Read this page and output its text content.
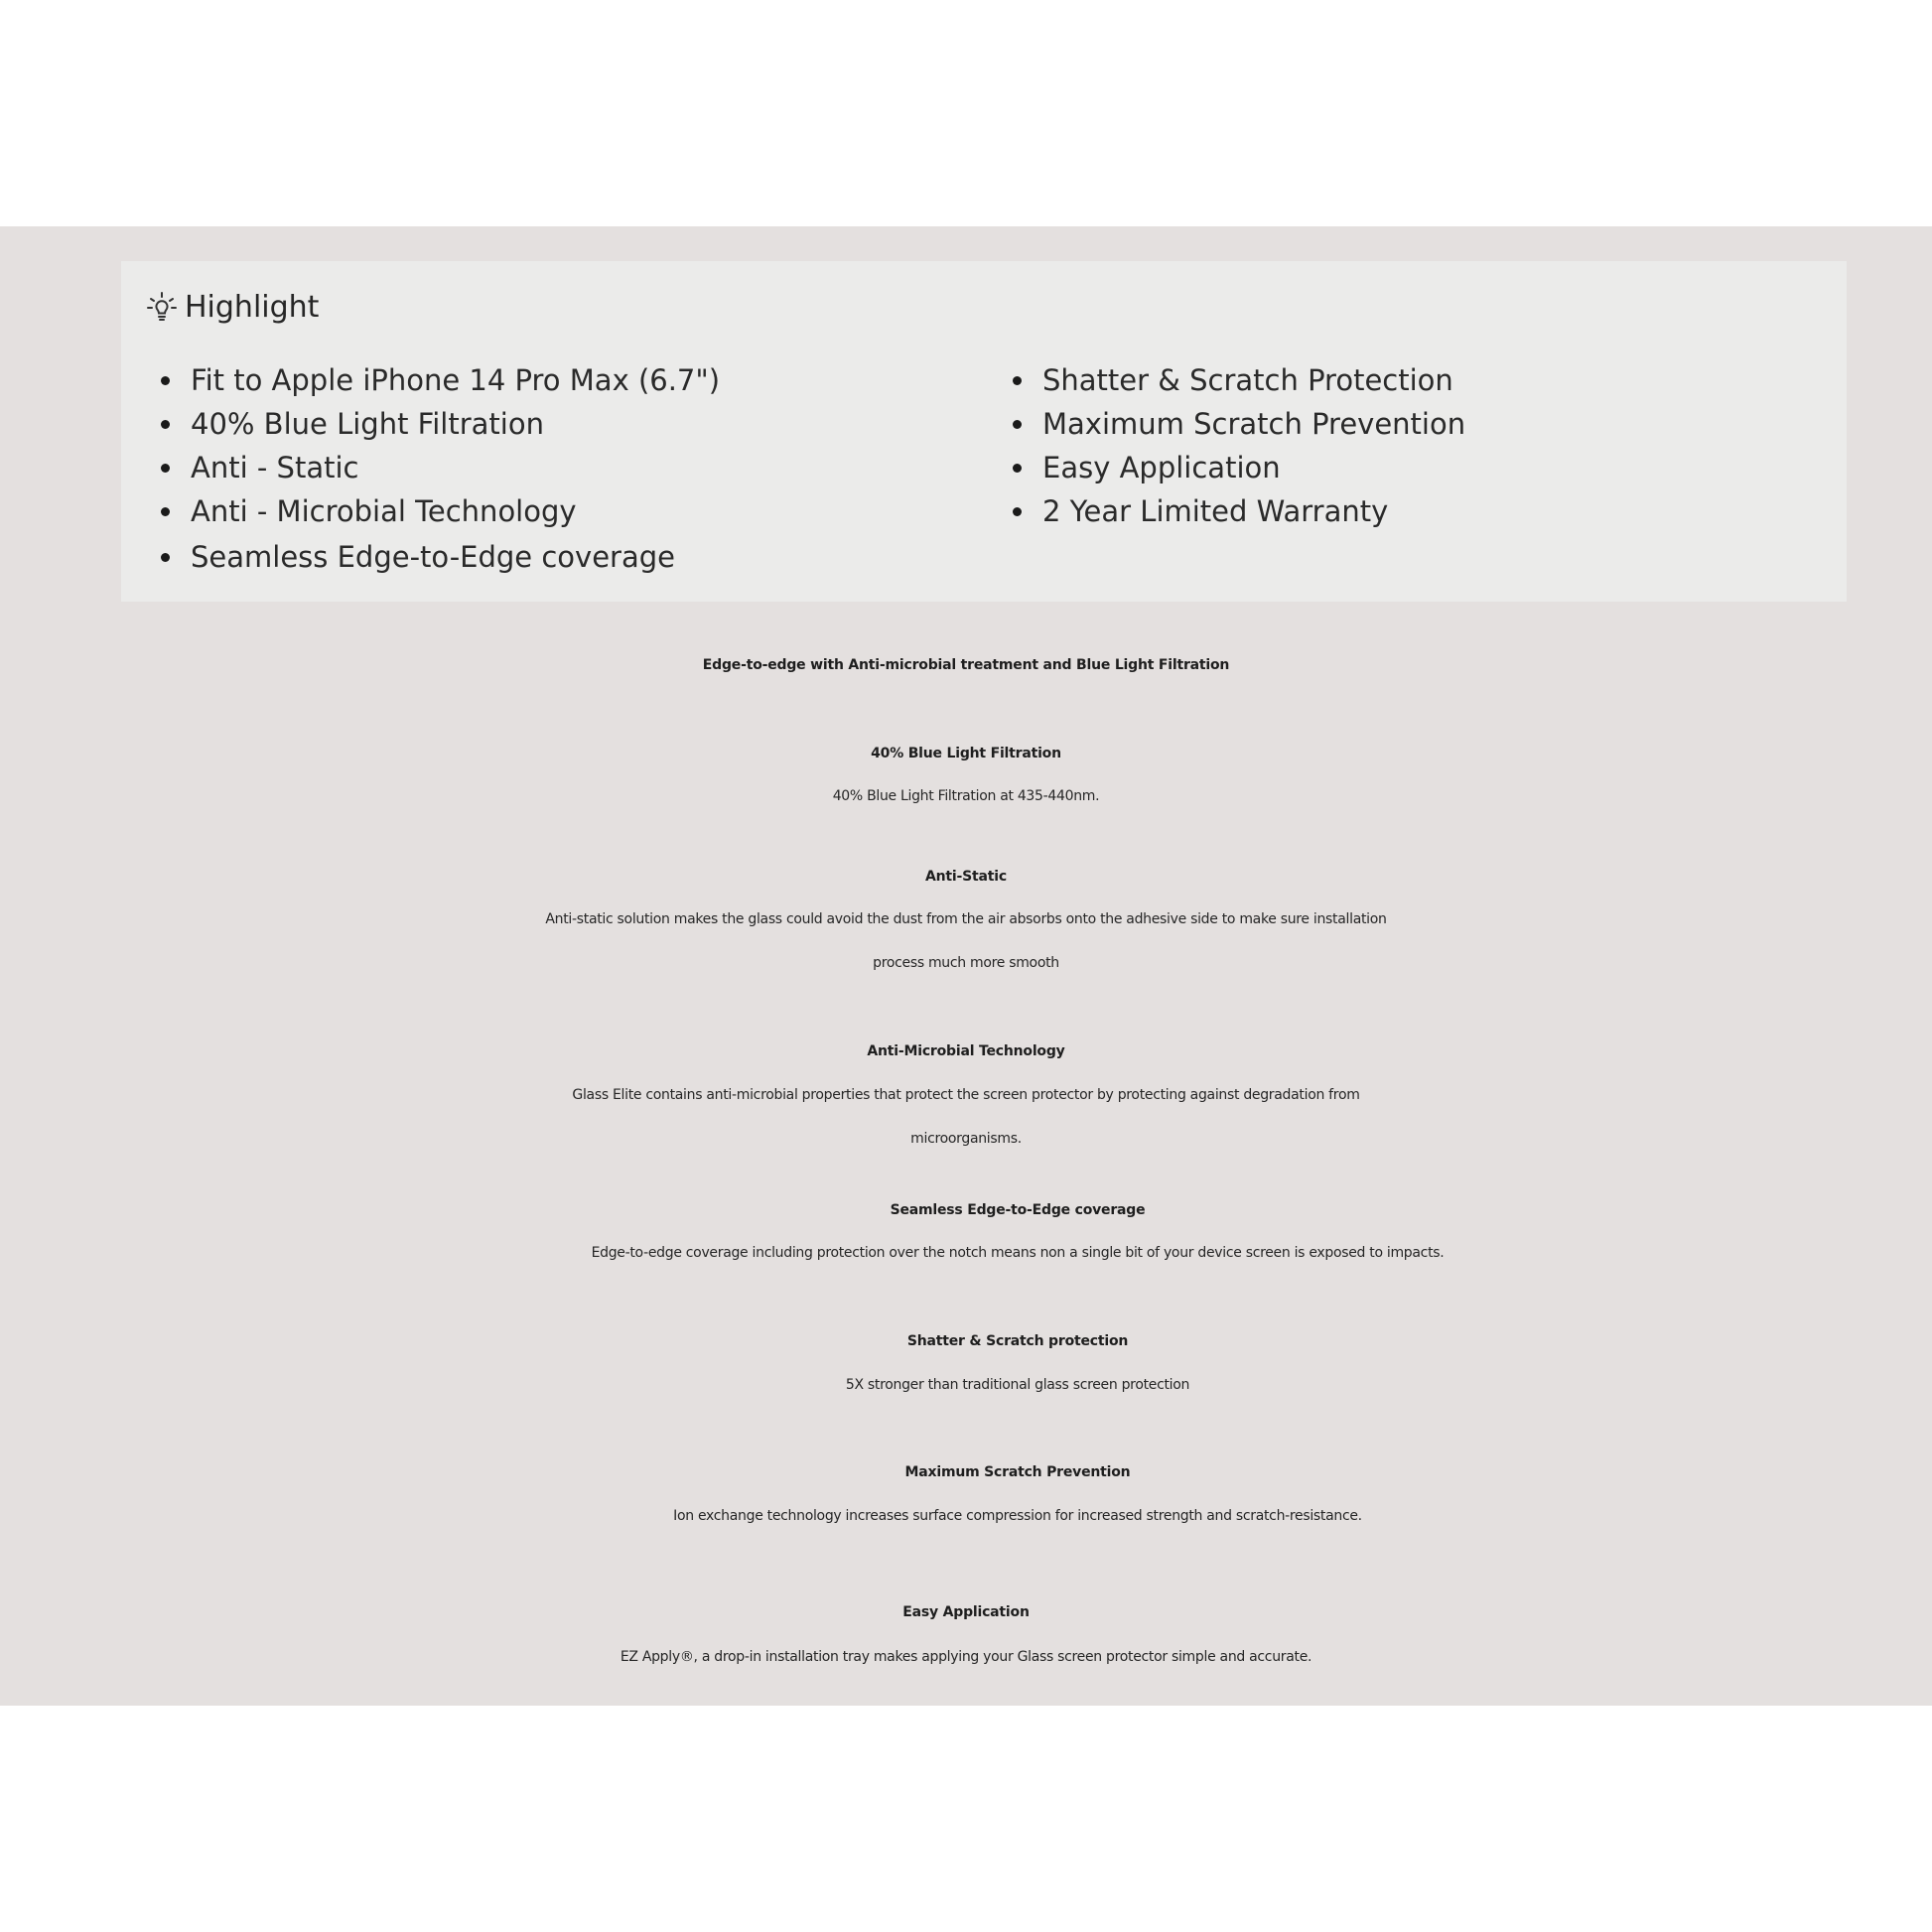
Highlight
Fit to Apple iPhone 14 Pro Max (6.7")
40% Blue Light Filtration
Anti - Static
Anti - Microbial Technology
Seamless Edge-to-Edge coverage
Shatter & Scratch Protection
Maximum Scratch Prevention
Easy Application
2 Year Limited Warranty
Edge-to-edge with Anti-microbial treatment and Blue Light Filtration
40% Blue Light Filtration
40% Blue Light Filtration at 435-440nm.
Anti-Static
Anti-static solution makes the glass could avoid the dust from the air absorbs onto the adhesive side to make sure installation
process much more smooth
Anti-Microbial Technology
Glass Elite contains anti-microbial properties that protect the screen protector by protecting against degradation from
microorganisms.
Seamless Edge-to-Edge coverage
Edge-to-edge coverage including protection over the notch means non a single bit of your device screen is exposed to impacts.
Shatter & Scratch protection
5X stronger than traditional glass screen protection
Maximum Scratch Prevention
Ion exchange technology increases surface compression for increased strength and scratch-resistance.
Easy Application
EZ Apply®, a drop-in installation tray makes applying your Glass screen protector simple and accurate.
